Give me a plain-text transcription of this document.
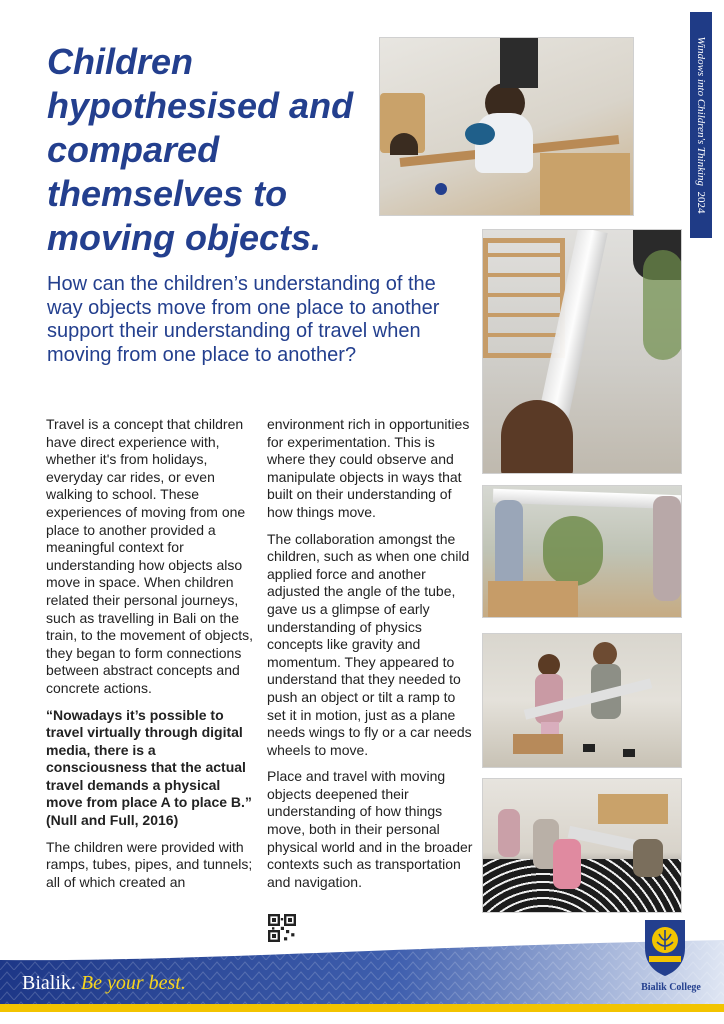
Windows into Children's Thinking  2024
Children hypothesised and compared themselves to moving objects.

How can the children’s understanding of the way objects move from one place to another support their understanding of travel when moving from one place to another?

Travel is a concept that children have direct experience with, whether it's from holidays, everyday car rides, or even walking to school. These experiences of moving from one place to another provided a meaningful context for understanding how objects also move in space. When children related their personal journeys, such as travelling in Bali on the train, to the movement of objects, they began to form connections between abstract concepts and concrete actions.

“Nowadays it’s possible to travel virtually through digital media, there is a consciousness that the actual travel demands a physical move from place A to place B.” (Null and Full, 2016)

The children were provided with ramps, tubes, pipes, and tunnels; all of which created an

environment rich in opportunities for experimentation. This is where they could observe and manipulate objects in ways that built on their understanding of how things move.

The collaboration amongst the children, such as when one child applied force and another adjusted the angle of the tube, gave us a glimpse of early understanding of physics concepts like gravity and momentum. They appeared to understand that they needed to push an object or tilt a ramp to set it in motion, just as a plane needs wings to fly or a car needs wheels to move.

Place and travel with moving objects deepened their understanding of how things move, both in their personal physical world and in the broader contexts such as transportation and navigation.

Bialik. Be your best.	Bialik College
